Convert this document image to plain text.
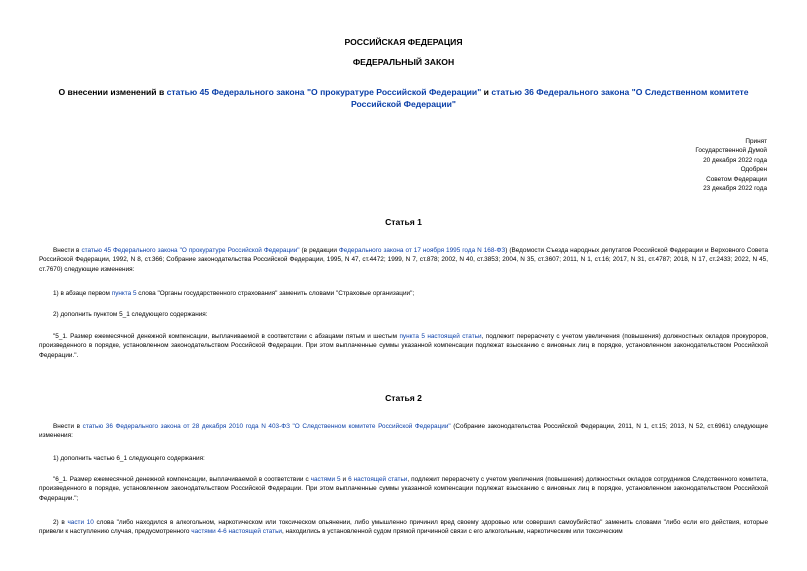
РОССИЙСКАЯ ФЕДЕРАЦИЯ
ФЕДЕРАЛЬНЫЙ ЗАКОН
О внесении изменений в статью 45 Федерального закона "О прокуратуре Российской Федерации" и статью 36 Федерального закона "О Следственном комитете Российской Федерации"
Принят
Государственной Думой
20 декабря 2022 года
Одобрен
Советом Федерации
23 декабря 2022 года
Статья 1
Внести в статью 45 Федерального закона "О прокуратуре Российской Федерации" (в редакции Федерального закона от 17 ноября 1995 года N 168-ФЗ) (Ведомости Съезда народных депутатов Российской Федерации и Верховного Совета Российской Федерации, 1992, N 8, ст.366; Собрание законодательства Российской Федерации, 1995, N 47, ст.4472; 1999, N 7, ст.878; 2002, N 40, ст.3853; 2004, N 35, ст.3607; 2011, N 1, ст.16; 2017, N 31, ст.4787; 2018, N 17, ст.2433; 2022, N 45, ст.7670) следующие изменения:
1) в абзаце первом пункта 5 слова "Органы государственного страхования" заменить словами "Страховые организации";
2) дополнить пунктом 5_1 следующего содержания:
"5_1. Размер ежемесячной денежной компенсации, выплачиваемой в соответствии с абзацами пятым и шестым пункта 5 настоящей статьи, подлежит перерасчету с учетом увеличения (повышения) должностных окладов прокуроров, произведенного в порядке, установленном законодательством Российской Федерации. При этом выплаченные суммы указанной компенсации подлежат взысканию с виновных лиц в порядке, установленном законодательством Российской Федерации.".
Статья 2
Внести в статью 36 Федерального закона от 28 декабря 2010 года N 403-ФЗ "О Следственном комитете Российской Федерации" (Собрание законодательства Российской Федерации, 2011, N 1, ст.15; 2013, N 52, ст.6961) следующие изменения:
1) дополнить частью 6_1 следующего содержания:
"6_1. Размер ежемесячной денежной компенсации, выплачиваемой в соответствии с частями 5 и 6 настоящей статьи, подлежит перерасчету с учетом увеличения (повышения) должностных окладов сотрудников Следственного комитета, произведенного в порядке, установленном законодательством Российской Федерации. При этом выплаченные суммы указанной компенсации подлежат взысканию с виновных лиц в порядке, установленном законодательством Российской Федерации.";
2) в части 10 слова "либо находился в алкогольном, наркотическом или токсическом опьянении, либо умышленно причинил вред своему здоровью или совершил самоубийство" заменить словами "либо если его действия, которые привели к наступлению случая, предусмотренного частями 4-6 настоящей статьи, находились в установленной судом прямой причинной связи с его алкогольным, наркотическим или токсическим
